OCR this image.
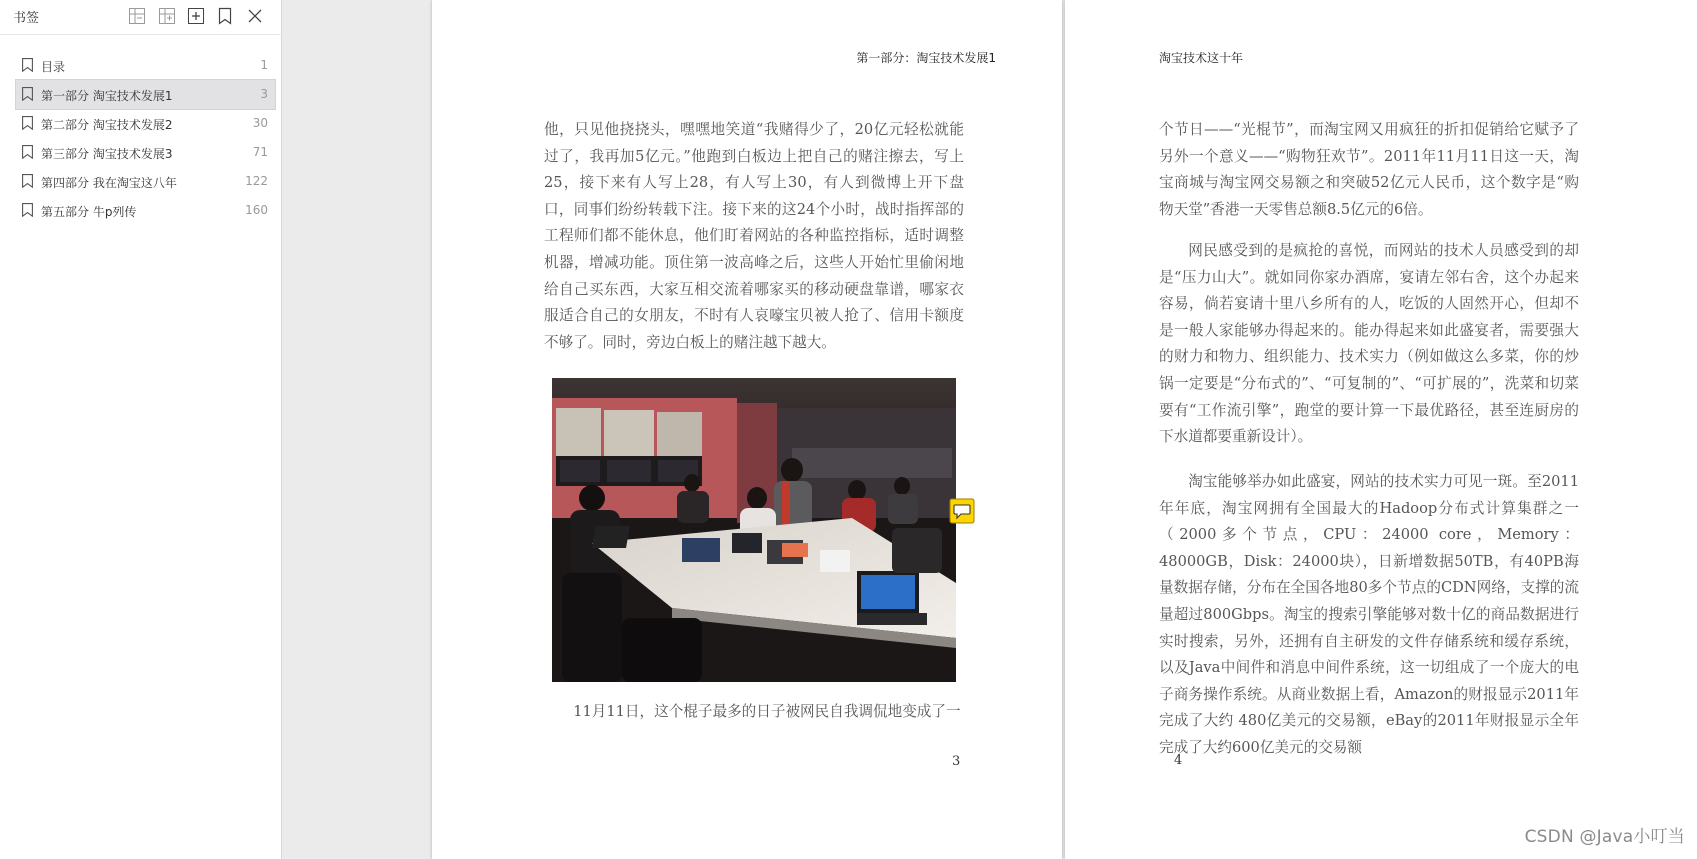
书签
目录	1
第一部分 淘宝技术发展1	3
第二部分 淘宝技术发展2	30
第三部分 淘宝技术发展3	71
第四部分 我在淘宝这八年	122
第五部分 牛p列传	160
第一部分：淘宝技术发展1

他，只见他挠挠头，嘿嘿地笑道“我赌得少了，20亿元轻松就能过了，我再加5亿元。”他跑到白板边上把自己的赌注擦去，写上25，接下来有人写上28，有人写上30，有人到微博上开下盘口，同事们纷纷转载下注。接下来的这24个小时，战时指挥部的工程师们都不能休息，他们盯着网站的各种监控指标，适时调整机器，增减功能。顶住第一波高峰之后，这些人开始忙里偷闲地给自己买东西，大家互相交流着哪家买的移动硬盘靠谱，哪家衣服适合自己的女朋友，不时有人哀嚎宝贝被人抢了、信用卡额度不够了。同时，旁边白板上的赌注越下越大。

11月11日，这个棍子最多的日子被网民自我调侃地变成了一

3
淘宝技术这十年

个节日——“光棍节”，而淘宝网又用疯狂的折扣促销给它赋予了另外一个意义——“购物狂欢节”。2011年11月11日这一天，淘宝商城与淘宝网交易额之和突破52亿元人民币，这个数字是“购物天堂”香港一天零售总额8.5亿元的6倍。

网民感受到的是疯抢的喜悦，而网站的技术人员感受到的却是“压力山大”。就如同你家办酒席，宴请左邻右舍，这个办起来容易，倘若宴请十里八乡所有的人，吃饭的人固然开心，但却不是一般人家能够办得起来的。能办得起来如此盛宴者，需要强大的财力和物力、组织能力、技术实力（例如做这么多菜，你的炒锅一定要是“分布式的”、“可复制的”、“可扩展的”，洗菜和切菜要有“工作流引擎”，跑堂的要计算一下最优路径，甚至连厨房的下水道都要重新设计）。

淘宝能够举办如此盛宴，网站的技术实力可见一斑。至2011年年底，淘宝网拥有全国最大的Hadoop分布式计算集群之一（2000多个节点，CPU：24000 core，Memory：48000GB，Disk：24000块），日新增数据50TB，有40PB海量数据存储，分布在全国各地80多个节点的CDN网络，支撑的流量超过800Gbps。淘宝的搜索引擎能够对数十亿的商品数据进行实时搜索，另外，还拥有自主研发的文件存储系统和缓存系统，以及Java中间件和消息中间件系统，这一切组成了一个庞大的电子商务操作系统。从商业数据上看，Amazon的财报显示2011年完成了大约 480亿美元的交易额，eBay的2011年财报显示全年完成了大约600亿美元的交易额

4
CSDN @Java小叮当
